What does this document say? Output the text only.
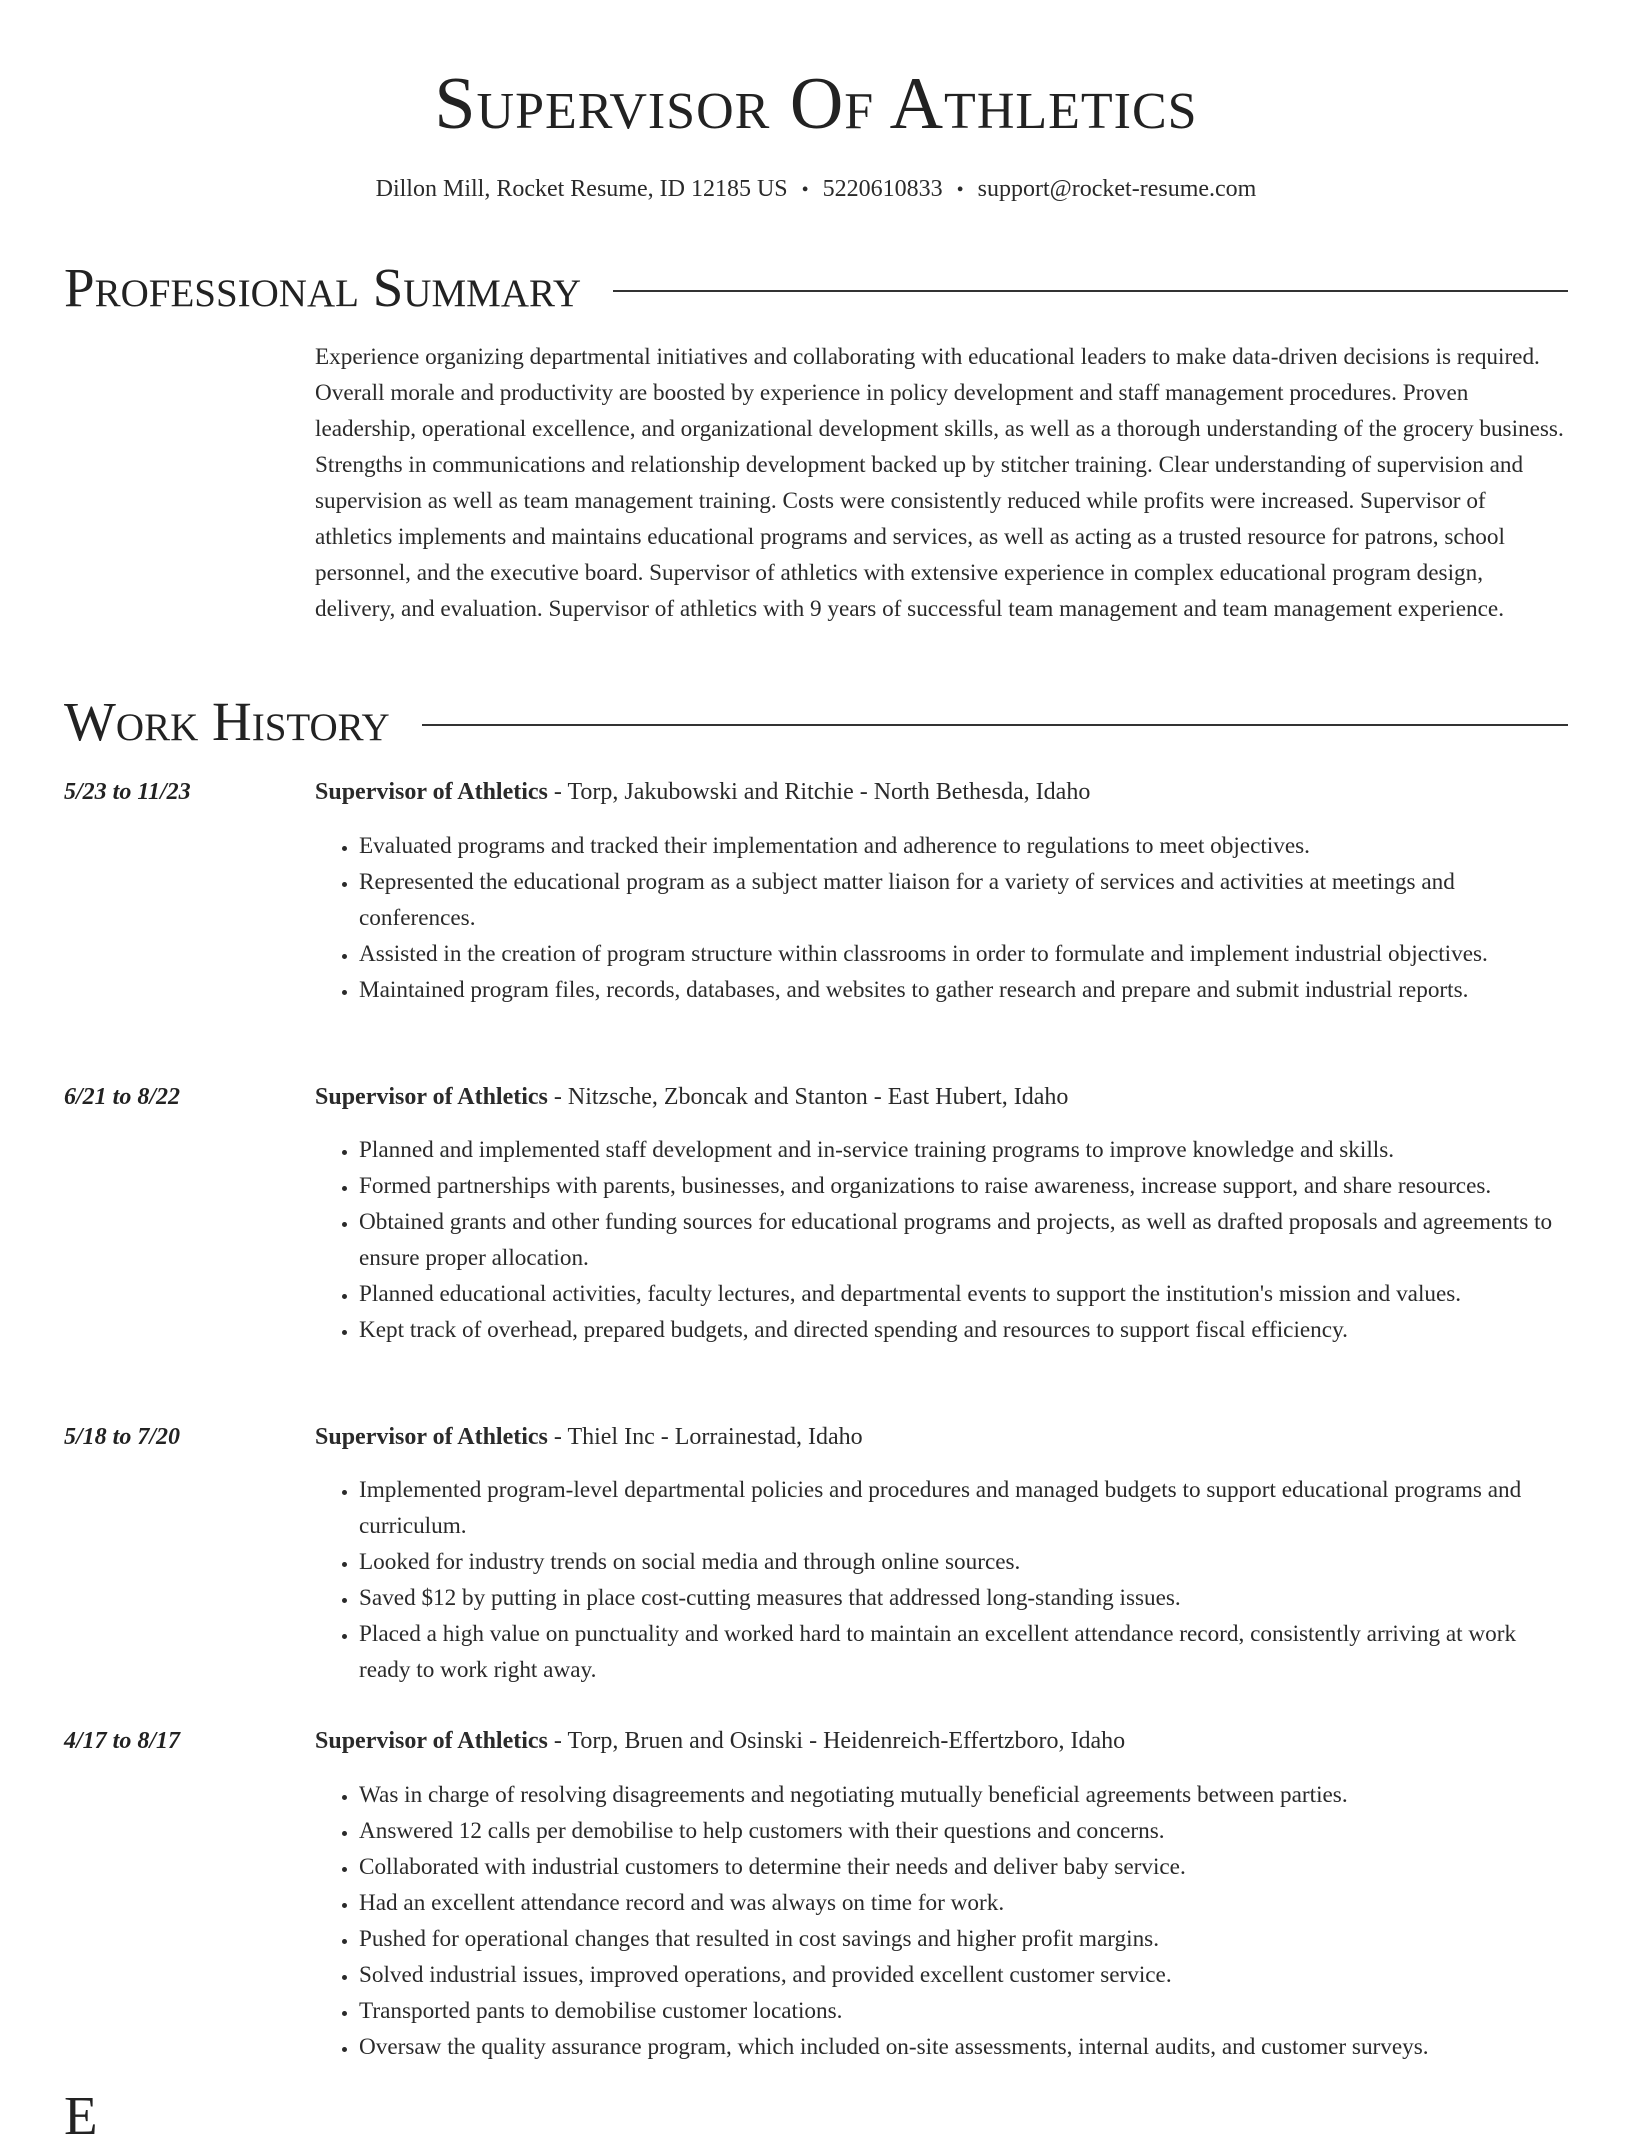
Supervisor Of Athletics
Dillon Mill, Rocket Resume, ID 12185 US • 5220610833 • support@rocket-resume.com
Professional Summary

Experience organizing departmental initiatives and collaborating with educational leaders to make data-driven decisions is required. Overall morale and productivity are boosted by experience in policy development and staff management procedures. Proven leadership, operational excellence, and organizational development skills, as well as a thorough understanding of the grocery business. Strengths in communications and relationship development backed up by stitcher training. Clear understanding of supervision and supervision as well as team management training. Costs were consistently reduced while profits were increased. Supervisor of athletics implements and maintains educational programs and services, as well as acting as a trusted resource for patrons, school personnel, and the executive board. Supervisor of athletics with extensive experience in complex educational program design, delivery, and evaluation. Supervisor of athletics with 9 years of successful team management and team management experience.

Work History
5/23 to 11/23	Supervisor of Athletics - Torp, Jakubowski and Ritchie - North Bethesda, Idaho
• Evaluated programs and tracked their implementation and adherence to regulations to meet objectives.
• Represented the educational program as a subject matter liaison for a variety of services and activities at meetings and conferences.
• Assisted in the creation of program structure within classrooms in order to formulate and implement industrial objectives.
• Maintained program files, records, databases, and websites to gather research and prepare and submit industrial reports.
6/21 to 8/22	Supervisor of Athletics - Nitzsche, Zboncak and Stanton - East Hubert, Idaho
• Planned and implemented staff development and in-service training programs to improve knowledge and skills.
• Formed partnerships with parents, businesses, and organizations to raise awareness, increase support, and share resources.
• Obtained grants and other funding sources for educational programs and projects, as well as drafted proposals and agreements to ensure proper allocation.
• Planned educational activities, faculty lectures, and departmental events to support the institution's mission and values.
• Kept track of overhead, prepared budgets, and directed spending and resources to support fiscal efficiency.
5/18 to 7/20	Supervisor of Athletics - Thiel Inc - Lorrainestad, Idaho
• Implemented program-level departmental policies and procedures and managed budgets to support educational programs and curriculum.
• Looked for industry trends on social media and through online sources.
• Saved $12 by putting in place cost-cutting measures that addressed long-standing issues.
• Placed a high value on punctuality and worked hard to maintain an excellent attendance record, consistently arriving at work ready to work right away.
4/17 to 8/17	Supervisor of Athletics - Torp, Bruen and Osinski - Heidenreich-Effertzboro, Idaho
• Was in charge of resolving disagreements and negotiating mutually beneficial agreements between parties.
• Answered 12 calls per demobilise to help customers with their questions and concerns.
• Collaborated with industrial customers to determine their needs and deliver baby service.
• Had an excellent attendance record and was always on time for work.
• Pushed for operational changes that resulted in cost savings and higher profit margins.
• Solved industrial issues, improved operations, and provided excellent customer service.
• Transported pants to demobilise customer locations.
• Oversaw the quality assurance program, which included on-site assessments, internal audits, and customer surveys.
E
